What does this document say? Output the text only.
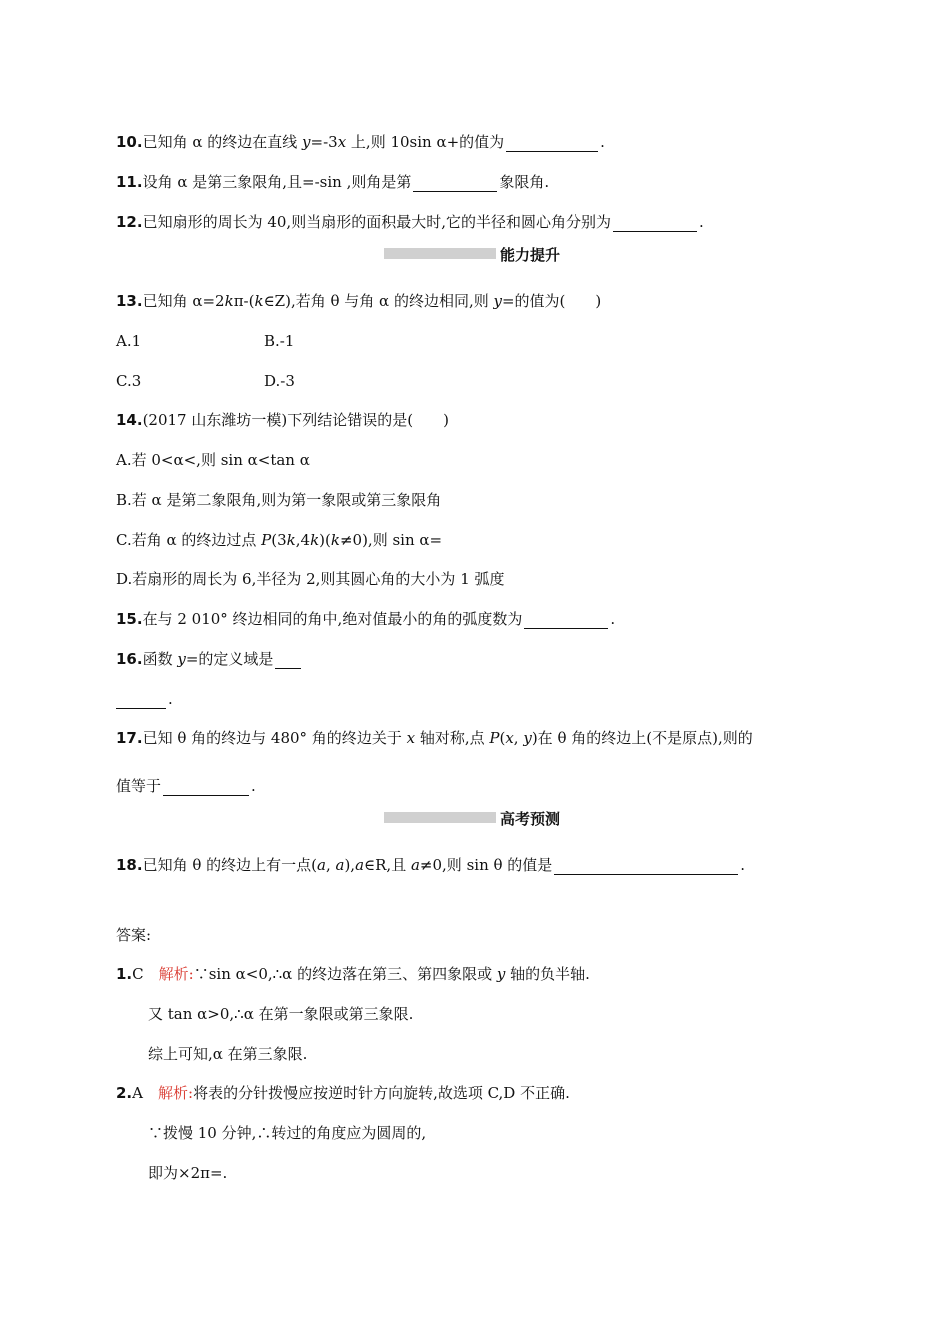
10.已知角 α 的终边在直线 y=-3x 上,则 10sin α+的值为	.
11.设角 α 是第三象限角,且=-sin ,则角是第	象限角.
12.已知扇形的周长为 40,则当扇形的面积最大时,它的半径和圆心角分别为	.
能力提升
13.已知角 α=2kπ-(k∈Z),若角 θ 与角 α 的终边相同,则 y=的值为(　　)
A.1	B.-1
C.3	D.-3
14.(2017 山东潍坊一模)下列结论错误的是(　　)
A.若 0<α<,则 sin α<tan α
B.若 α 是第二象限角,则为第一象限或第三象限角
C.若角 α 的终边过点 P(3k,4k)(k≠0),则 sin α=
D.若扇形的周长为 6,半径为 2,则其圆心角的大小为 1 弧度
15.在与 2 010° 终边相同的角中,绝对值最小的角的弧度数为	.
16.函数 y=的定义域是
.
17.已知 θ 角的终边与 480° 角的终边关于 x 轴对称,点 P(x, y)在 θ 角的终边上(不是原点),则的
值等于	.
高考预测
18.已知角 θ 的终边上有一点(a, a),a∈R,且 a≠0,则 sin θ 的值是	.
答案:
1.C　 解析:∵sin α<0,∴α 的终边落在第三、第四象限或 y 轴的负半轴.
又 tan α>0,∴α 在第一象限或第三象限.
综上可知,α 在第三象限.
2.A　 解析:将表的分针拨慢应按逆时针方向旋转,故选项 C,D 不正确.
∵拨慢 10 分钟,∴转过的角度应为圆周的,
即为×2π=.
